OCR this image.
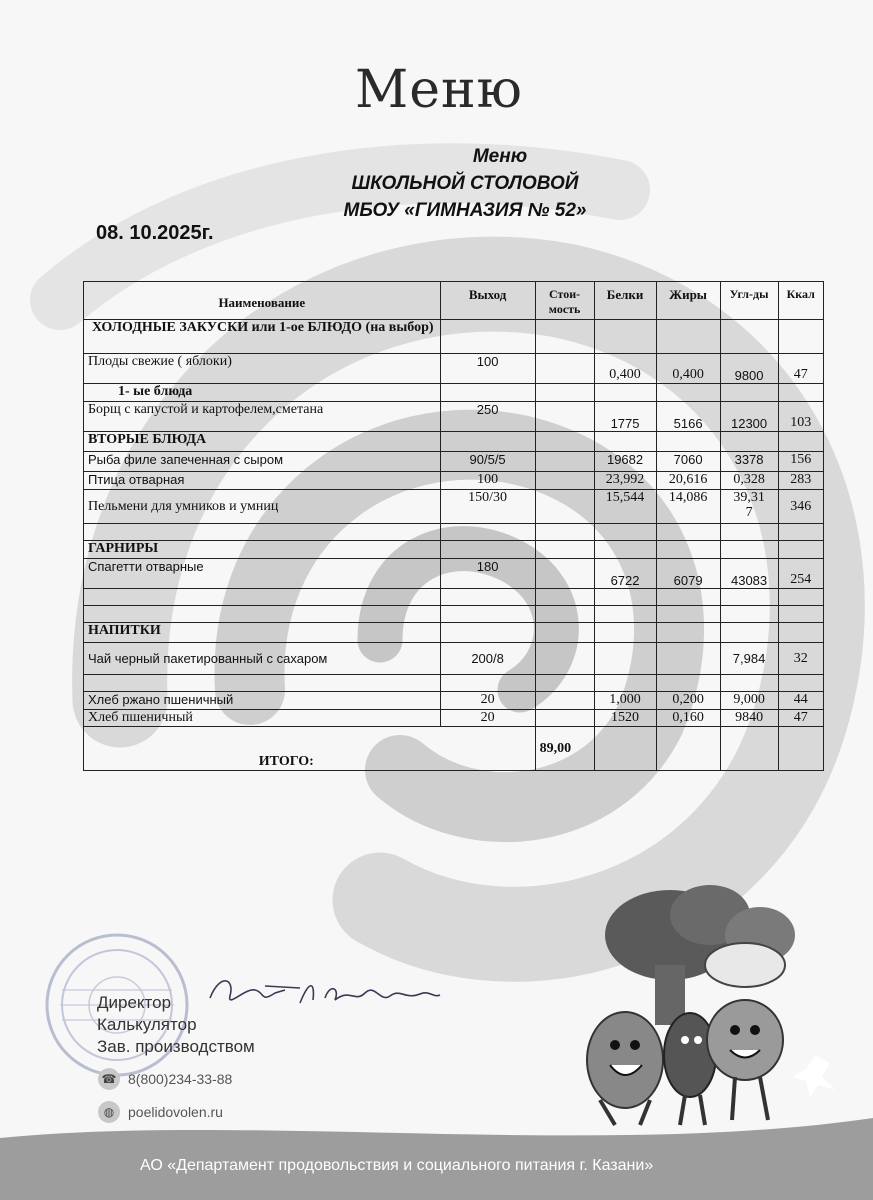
Меню
Меню
ШКОЛЬНОЙ СТОЛОВОЙ
МБОУ «ГИМНАЗИЯ № 52»
08. 10.2025г.
Наименование	Выход	Стои-мость	Белки	Жиры	Угл-ды	Ккал
ХОЛОДНЫЕ ЗАКУСКИ или 1-ое БЛЮДО (на выбор)						
Плоды свежие ( яблоки)	100		0,400	0,400	9800	47
1- ые блюда						
Борщ с капустой и картофелем,сметана	250		1775	5166	12300	103
ВТОРЫЕ БЛЮДА						
Рыба филе запеченная с сыром	90/5/5		19682	7060	3378	156
Птица отварная	100		23,992	20,616	0,328	283
Пельмени для умников и умниц	150/30		15,544	14,086	39,31 7	346

ГАРНИРЫ						
Спагетти отварные	180		6722	6079	43083	254

НАПИТКИ						
Чай черный пакетированный с сахаром	200/8				7,984	32

Хлеб ржано пшеничный	20		1,000	0,200	9,000	44
Хлеб пшеничный	20		1520	0,160	9840	47
ИТОГО:		89,00				
Директор
Калькулятор
Зав. производством
☎ 8(800)234-33-88
◍ poelidovolen.ru
АО «Департамент продовольствия и социального питания г. Казани»
